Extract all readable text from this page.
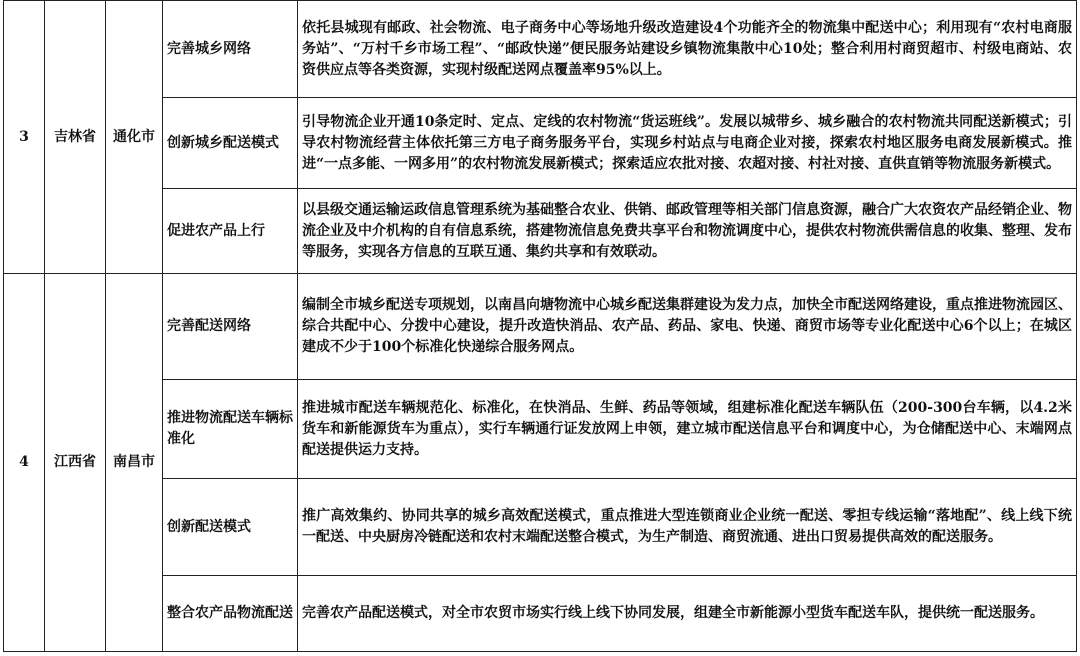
3	吉林省	通化市	完善城乡网络	依托县城现有邮政、社会物流、电子商务中心等场地升级改造建设4个功能齐全的物流集中配送中心；利用现有“农村电商服务站”、“万村千乡市场工程”、“邮政快递”便民服务站建设乡镇物流集散中心10处；整合利用村商贸超市、村级电商站、农资供应点等各类资源，实现村级配送网点覆盖率95%以上。
			创新城乡配送模式	引导物流企业开通10条定时、定点、定线的农村物流“货运班线”。发展以城带乡、城乡融合的农村物流共同配送新模式；引导农村物流经营主体依托第三方电子商务服务平台，实现乡村站点与电商企业对接，探索农村地区服务电商发展新模式。推进“一点多能、一网多用”的农村物流发展新模式；探索适应农批对接、农超对接、村社对接、直供直销等物流服务新模式。
			促进农产品上行	以县级交通运输运政信息管理系统为基础整合农业、供销、邮政管理等相关部门信息资源，融合广大农资农产品经销企业、物流企业及中介机构的自有信息系统，搭建物流信息免费共享平台和物流调度中心，提供农村物流供需信息的收集、整理、发布等服务，实现各方信息的互联互通、集约共享和有效联动。
4	江西省	南昌市	完善配送网络	编制全市城乡配送专项规划，以南昌向塘物流中心城乡配送集群建设为发力点，加快全市配送网络建设，重点推进物流园区、综合共配中心、分拨中心建设，提升改造快消品、农产品、药品、家电、快递、商贸市场等专业化配送中心6个以上；在城区建成不少于100个标准化快递综合服务网点。
			推进物流配送车辆标准化	推进城市配送车辆规范化、标准化，在快消品、生鲜、药品等领域，组建标准化配送车辆队伍（200-300台车辆，以4.2米货车和新能源货车为重点），实行车辆通行证发放网上申领，建立城市配送信息平台和调度中心，为仓储配送中心、末端网点配送提供运力支持。
			创新配送模式	推广高效集约、协同共享的城乡高效配送模式，重点推进大型连锁商业企业统一配送、零担专线运输“落地配”、线上线下统一配送、中央厨房冷链配送和农村末端配送整合模式，为生产制造、商贸流通、进出口贸易提供高效的配送服务。
			整合农产品物流配送	完善农产品配送模式，对全市农贸市场实行线上线下协同发展，组建全市新能源小型货车配送车队，提供统一配送服务。
